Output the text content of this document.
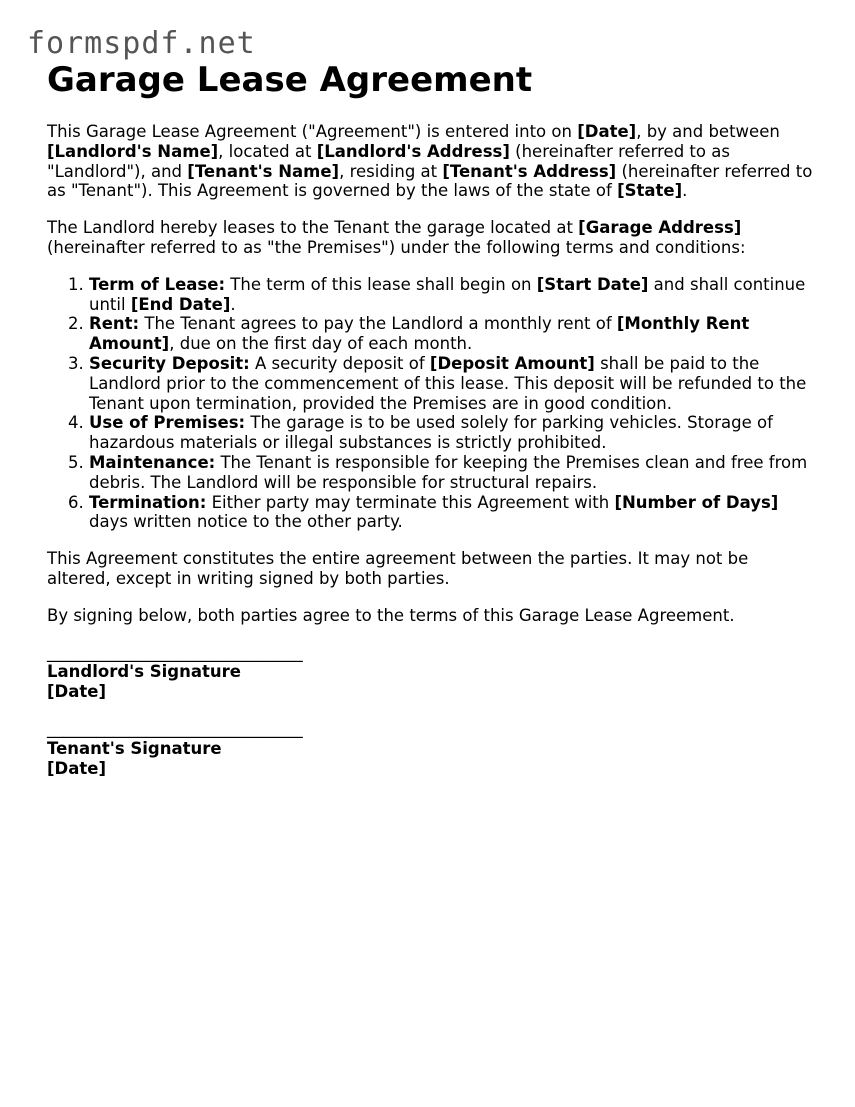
formspdf.net
Garage Lease Agreement

This Garage Lease Agreement ("Agreement") is entered into on [Date], by and between [Landlord's Name], located at [Landlord's Address] (hereinafter referred to as "Landlord"), and [Tenant's Name], residing at [Tenant's Address] (hereinafter referred to as "Tenant"). This Agreement is governed by the laws of the state of [State].

The Landlord hereby leases to the Tenant the garage located at [Garage Address] (hereinafter referred to as "the Premises") under the following terms and conditions:

1. Term of Lease: The term of this lease shall begin on [Start Date] and shall continue until [End Date].
2. Rent: The Tenant agrees to pay the Landlord a monthly rent of [Monthly Rent Amount], due on the first day of each month.
3. Security Deposit: A security deposit of [Deposit Amount] shall be paid to the Landlord prior to the commencement of this lease. This deposit will be refunded to the Tenant upon termination, provided the Premises are in good condition.
4. Use of Premises: The garage is to be used solely for parking vehicles. Storage of hazardous materials or illegal substances is strictly prohibited.
5. Maintenance: The Tenant is responsible for keeping the Premises clean and free from debris. The Landlord will be responsible for structural repairs.
6. Termination: Either party may terminate this Agreement with [Number of Days] days written notice to the other party.

This Agreement constitutes the entire agreement between the parties. It may not be altered, except in writing signed by both parties.

By signing below, both parties agree to the terms of this Garage Lease Agreement.

_______________________________
Landlord's Signature
[Date]
_______________________________
Tenant's Signature
[Date]
